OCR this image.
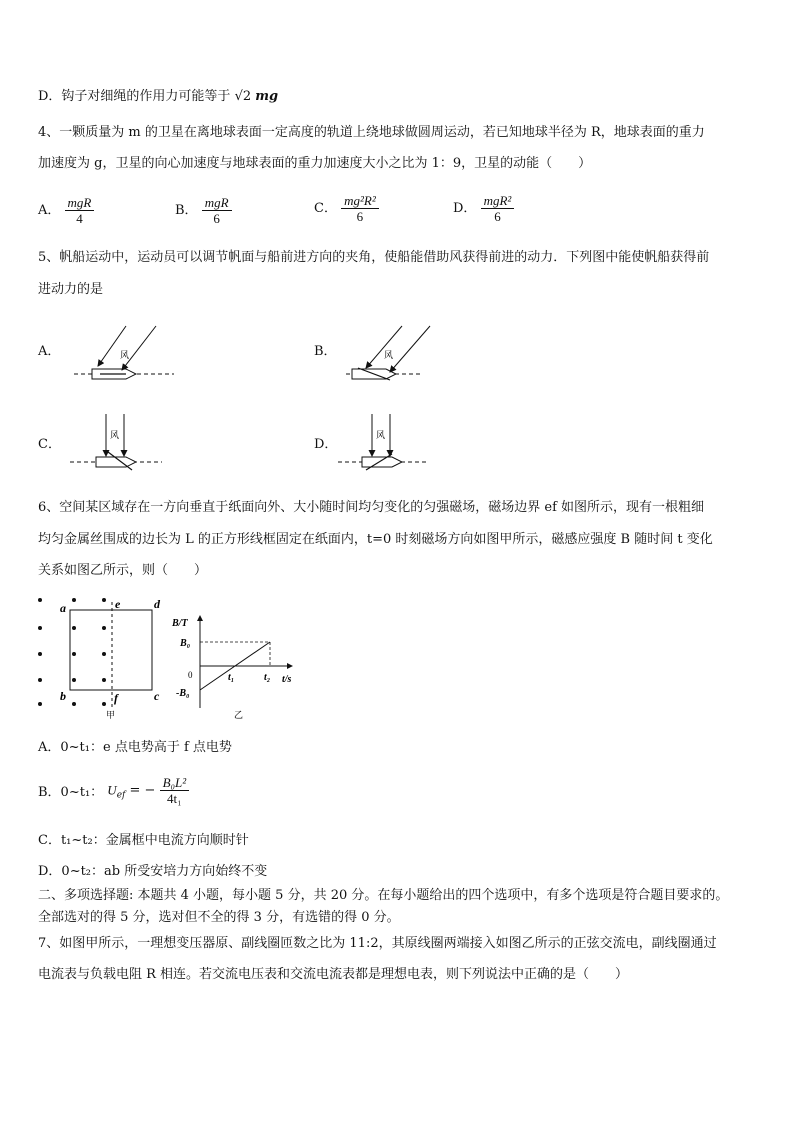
D．钩子对细绳的作用力可能等于 √2 mg
4、一颗质量为 m 的卫星在离地球表面一定高度的轨道上绕地球做圆周运动，若已知地球半径为 R，地球表面的重力
加速度为 g，卫星的向心加速度与地球表面的重力加速度大小之比为 1：9，卫星的动能（　　）
A． $\frac{\text{mgR}}{4}$	B． $\frac{\text{mgR}}{6}$	C． $\frac{\text{mg²R²}}{6}$	D． $\frac{\text{mgR²}}{6}$
5、帆船运动中，运动员可以调节帆面与船前进方向的夹角，使船能借助风获得前进的动力．下列图中能使帆船获得前
进动力的是
A．	B．
C．	D．
风	风
风	风
6、空间某区域存在一方向垂直于纸面向外、大小随时间均匀变化的匀强磁场，磁场边界 ef 如图所示，现有一根粗细
均匀金属丝围成的边长为 L 的正方形线框固定在纸面内，t=0 时刻磁场方向如图甲所示，磁感应强度 B 随时间 t 变化
关系如图乙所示，则（　　）
a	e	d
b	f	c
甲
B/T
B₀
0
-B₀
t₁	t₂ t/s
乙
A．0~t₁：e 点电势高于 f 点电势
B．0~t₁： $U_{ef}$ = − $\frac{\text{B₀L²}}{\text{4t₁}}$
C．t₁~t₂：金属框中电流方向顺时针
D．0~t₂：ab 所受安培力方向始终不变
二、多项选择题: 本题共 4 小题，每小题 5 分，共 20 分。在每小题给出的四个选项中，有多个选项是符合题目要求的。
全部选对的得 5 分，选对但不全的得 3 分，有选错的得 0 分。
7、如图甲所示，一理想变压器原、副线圈匝数之比为 11:2，其原线圈两端接入如图乙所示的正弦交流电，副线圈通过
电流表与负载电阻 R 相连。若交流电压表和交流电流表都是理想电表，则下列说法中正确的是（　　）
